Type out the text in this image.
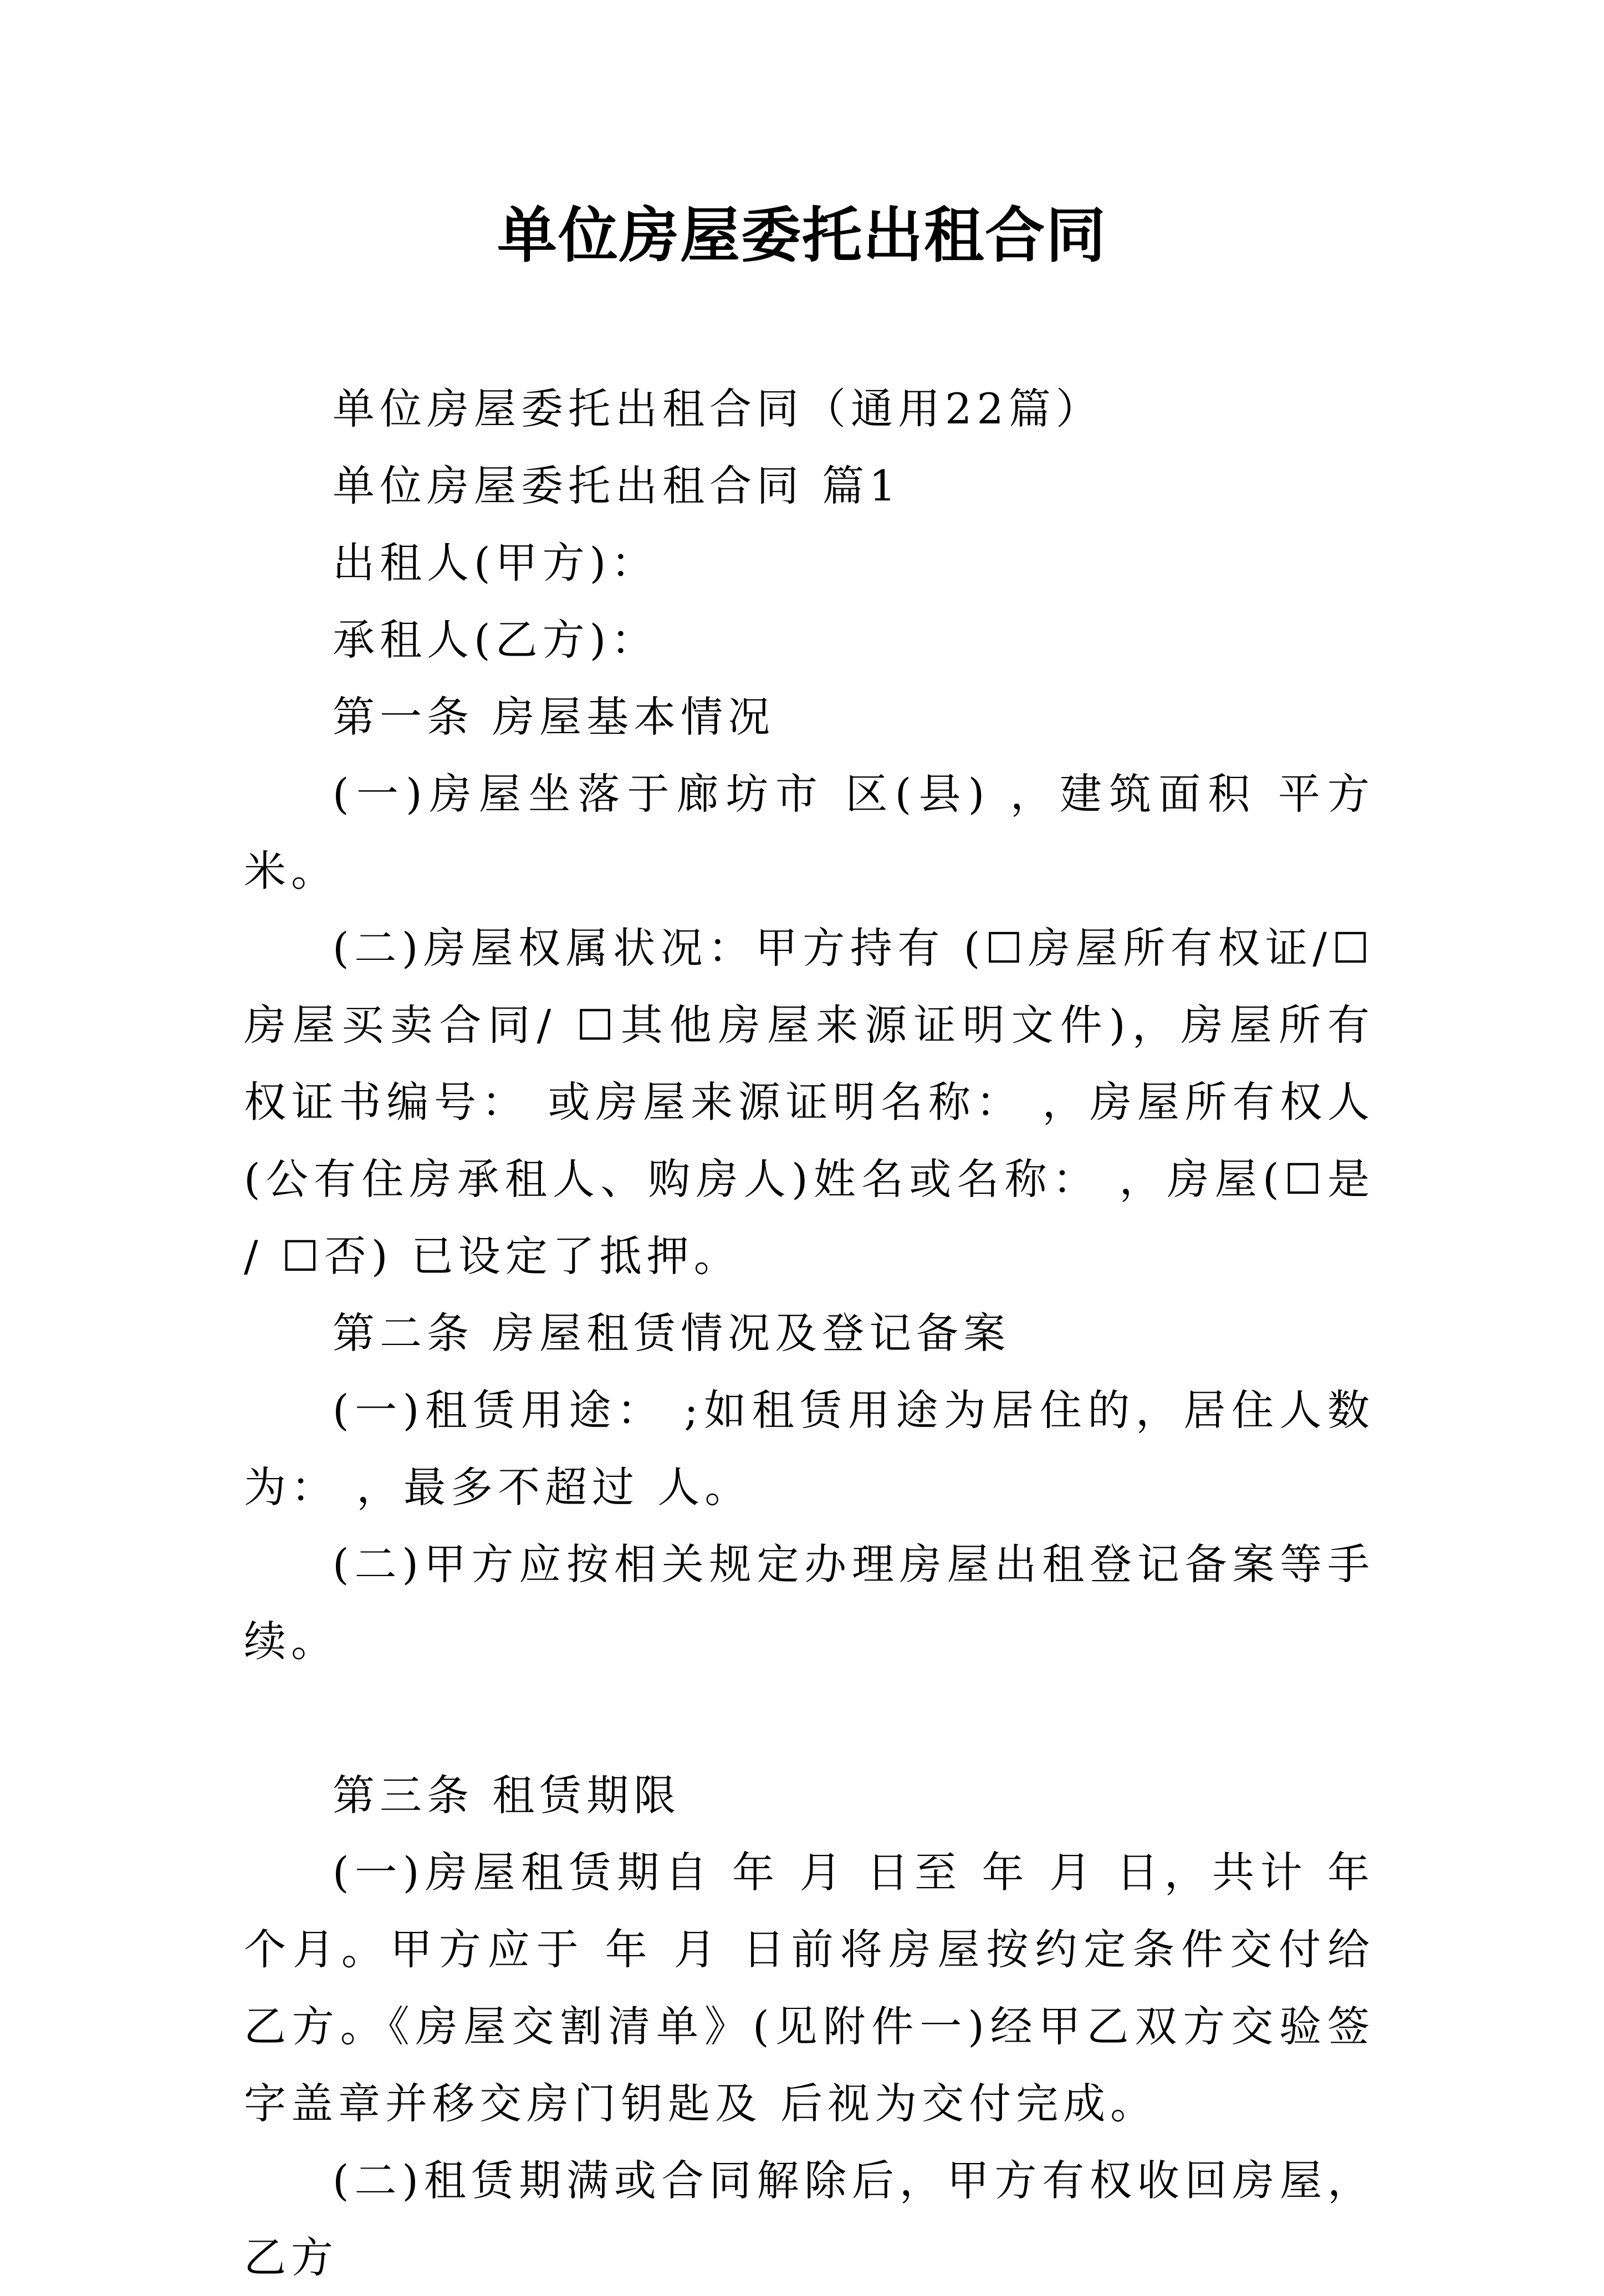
单位房屋委托出租合同

单位房屋委托出租合同（通用22篇）

单位房屋委托出租合同 篇1

出租人(甲方)：

承租人(乙方)：

第一条 房屋基本情况

(一)房屋坐落于廊坊市 区(县) ，建筑面积 平方米。

(二)房屋权属状况：甲方持有 (☐房屋所有权证/☐房屋买卖合同/ ☐其他房屋来源证明文件)，房屋所有权证书编号： 或房屋来源证明名称： ，房屋所有权人(公有住房承租人、购房人)姓名或名称： ，房屋(☐是 / ☐否) 已设定了抵押。

第二条 房屋租赁情况及登记备案

(一)租赁用途： ;如租赁用途为居住的，居住人数为： ，最多不超过 人。

(二)甲方应按相关规定办理房屋出租登记备案等手续。

第三条 租赁期限

(一)房屋租赁期自 年 月 日至 年 月 日，共计 年 个月。甲方应于 年 月 日前将房屋按约定条件交付给乙方。《房屋交割清单》(见附件一)经甲乙双方交验签字盖章并移交房门钥匙及 后视为交付完成。

(二)租赁期满或合同解除后，甲方有权收回房屋，乙方
